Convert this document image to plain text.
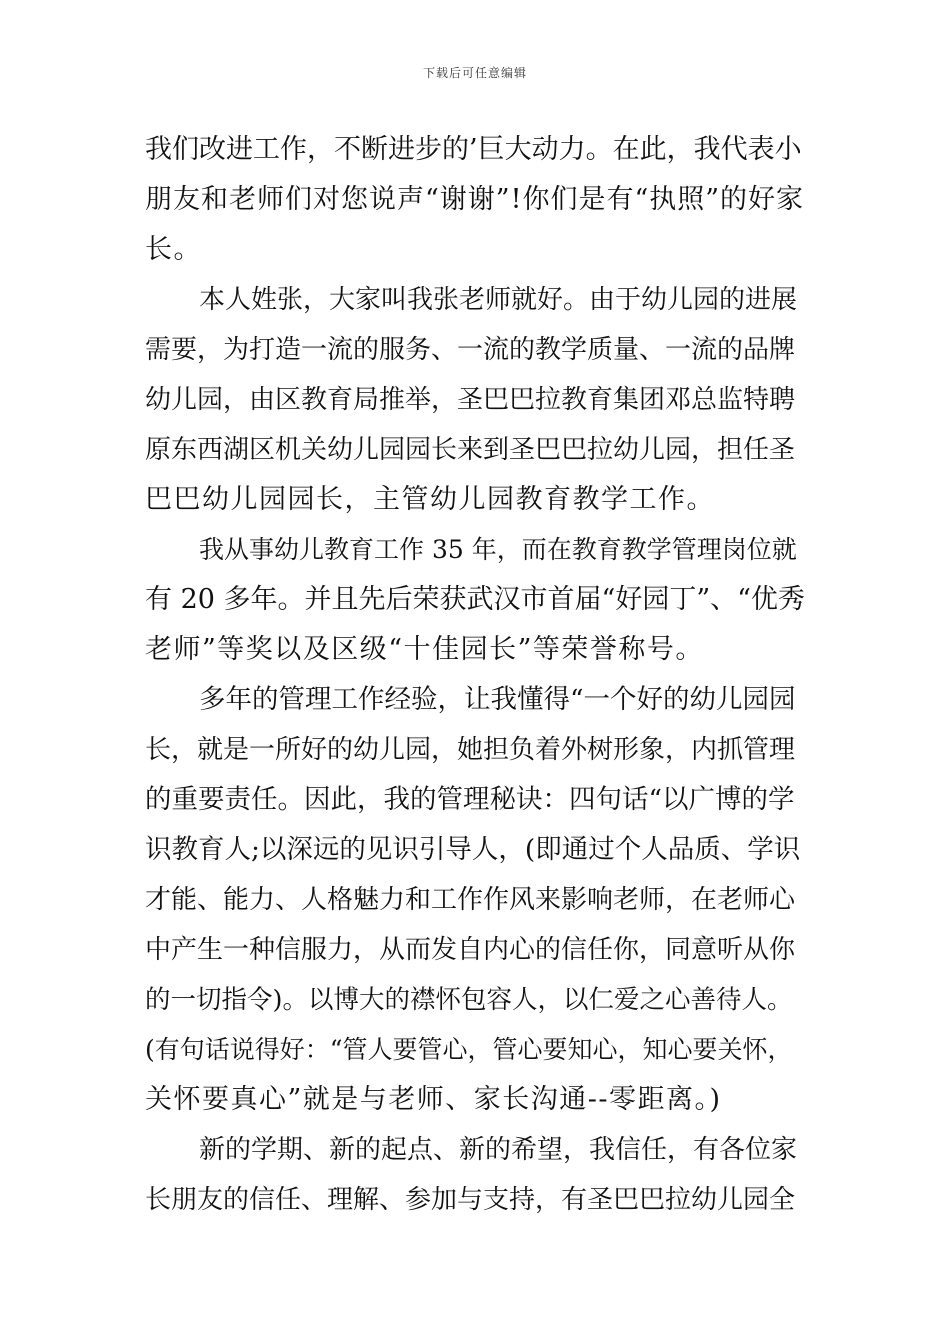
下载后可任意编辑
我们改进工作，不断进步的’巨大动力。在此，我代表小
朋友和老师们对您说声“谢谢”!你们是有“执照”的好家
长。
本人姓张，大家叫我张老师就好。由于幼儿园的进展
需要，为打造一流的服务、一流的教学质量、一流的品牌
幼儿园，由区教育局推举，圣巴巴拉教育集团邓总监特聘
原东西湖区机关幼儿园园长来到圣巴巴拉幼儿园，担任圣
巴巴幼儿园园长，主管幼儿园教育教学工作。
我从事幼儿教育工作 35 年，而在教育教学管理岗位就
有 20 多年。并且先后荣获武汉市首届“好园丁”、“优秀
老师”等奖以及区级“十佳园长”等荣誉称号。
多年的管理工作经验，让我懂得“一个好的幼儿园园
长，就是一所好的幼儿园，她担负着外树形象，内抓管理
的重要责任。因此，我的管理秘诀：四句话“以广博的学
识教育人;以深远的见识引导人，(即通过个人品质、学识
才能、能力、人格魅力和工作作风来影响老师，在老师心
中产生一种信服力，从而发自内心的信任你，同意听从你
的一切指令)。以博大的襟怀包容人，以仁爱之心善待人。
(有句话说得好：“管人要管心，管心要知心，知心要关怀，
关怀要真心”就是与老师、家长沟通--零距离。)
新的学期、新的起点、新的希望，我信任，有各位家
长朋友的信任、理解、参加与支持，有圣巴巴拉幼儿园全
